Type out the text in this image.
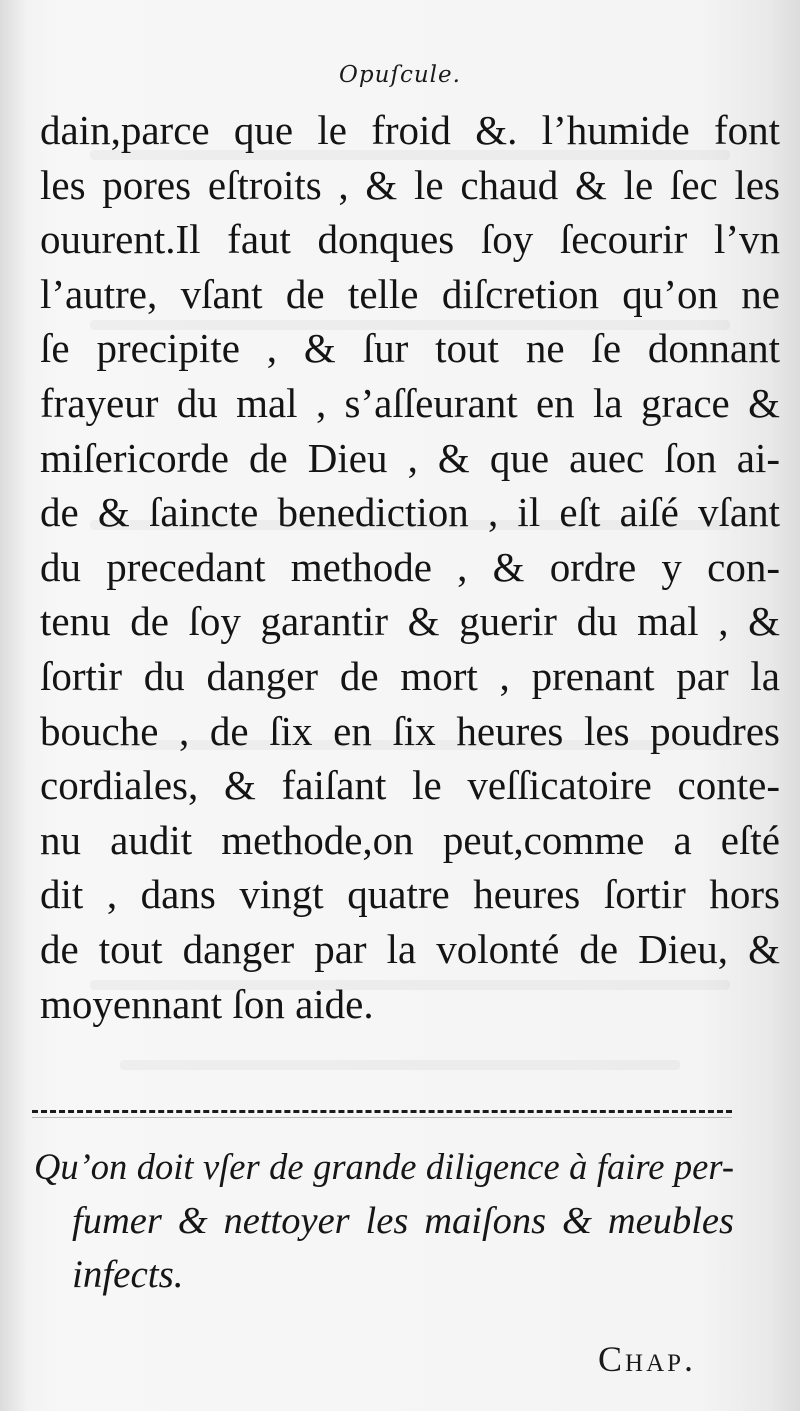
Opuſcule.
dain,parce que le froid &. l’humide font
les pores eſtroits , & le chaud & le ſec les
ouurent.Il faut donques ſoy ſecourir l’vn
l’autre, vſant de telle diſcretion qu’on ne
ſe precipite , & ſur tout ne ſe donnant
frayeur du mal , s’aſſeurant en la grace &
miſericorde de Dieu , & que auec ſon ai-
de & ſaincte benediction , il eſt aiſé vſant
du precedant methode , & ordre y con-
tenu de ſoy garantir & guerir du mal , &
ſortir du danger de mort , prenant par la
bouche , de ſix en ſix heures les poudres
cordiales, & faiſant le veſſicatoire conte-
nu audit methode,on peut,comme a eſté
dit , dans vingt quatre heures ſortir hors
de tout danger par la volonté de Dieu, &
moyennant ſon aide.
Qu’on doit vſer de grande diligence à faire per-
fumer & nettoyer les maiſons & meubles
infects.
Chap.
